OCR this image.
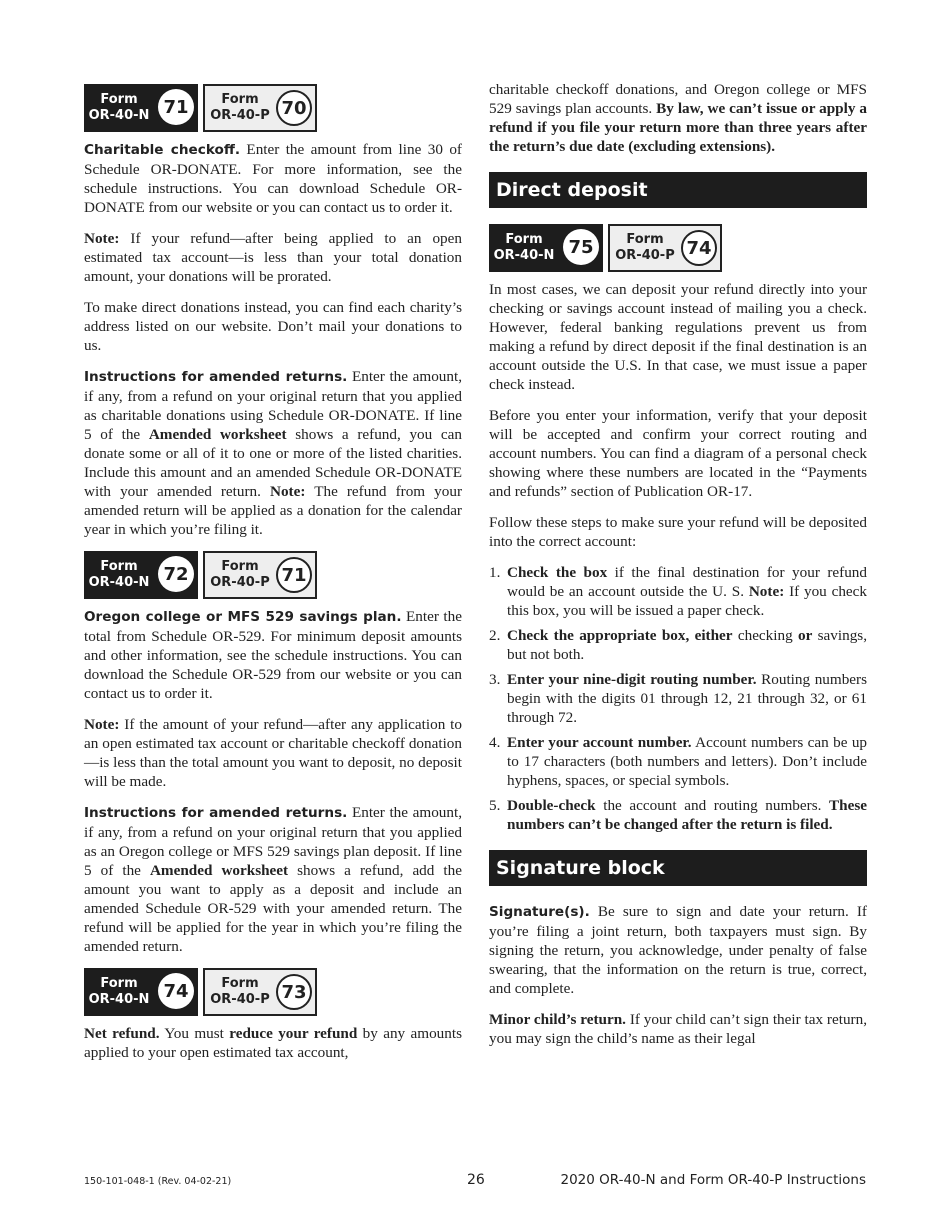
Form
OR-40-N 71	Form
OR-40-P 70

Charitable checkoff. Enter the amount from line 30 of Schedule OR-DONATE. For more information, see the schedule instructions. You can download Schedule OR-DONATE from our website or you can contact us to order it.

Note: If your refund—after being applied to an open estimated tax account—is less than your total donation amount, your donations will be prorated.

To make direct donations instead, you can find each charity’s address listed on our website. Don’t mail your donations to us.

Instructions for amended returns. Enter the amount, if any, from a refund on your original return that you applied as charitable donations using Schedule OR-DONATE. If line 5 of the Amended worksheet shows a refund, you can donate some or all of it to one or more of the listed charities. Include this amount and an amended Schedule OR-DONATE with your amended return. Note: The refund from your amended return will be applied as a donation for the calendar year in which you’re filing it.

Form
OR-40-N 72	Form
OR-40-P 71

Oregon college or MFS 529 savings plan. Enter the total from Schedule OR-529. For minimum deposit amounts and other information, see the schedule instructions. You can download the Schedule OR-529 from our website or you can contact us to order it.

Note: If the amount of your refund—after any application to an open estimated tax account or charitable checkoff donation—is less than the total amount you want to deposit, no deposit will be made.

Instructions for amended returns. Enter the amount, if any, from a refund on your original return that you applied as an Oregon college or MFS 529 savings plan deposit. If line 5 of the Amended worksheet shows a refund, add the amount you want to apply as a deposit and include an amended Schedule OR-529 with your amended return. The refund will be applied for the year in which you’re filing the amended return.

Form
OR-40-N 74	Form
OR-40-P 73

Net refund. You must reduce your refund by any amounts applied to your open estimated tax account,

charitable checkoff donations, and Oregon college or MFS 529 savings plan accounts. By law, we can’t issue or apply a refund if you file your return more than three years after the return’s due date (excluding extensions).

Direct deposit
Form
OR-40-N 75	Form
OR-40-P 74

In most cases, we can deposit your refund directly into your checking or savings account instead of mailing you a check. However, federal banking regulations prevent us from making a refund by direct deposit if the final destination is an account outside the U.S. In that case, we must issue a paper check instead.

Before you enter your information, verify that your deposit will be accepted and confirm your correct routing and account numbers. You can find a diagram of a personal check showing where these numbers are located in the “Payments and refunds” section of Publication OR-17.

Follow these steps to make sure your refund will be deposited into the correct account:

1. Check the box if the final destination for your refund would be an account outside the U. S. Note: If you check this box, you will be issued a paper check.
2. Check the appropriate box, either checking or savings, but not both.
3. Enter your nine-digit routing number. Routing numbers begin with the digits 01 through 12, 21 through 32, or 61 through 72.
4. Enter your account number. Account numbers can be up to 17 characters (both numbers and letters). Don’t include hyphens, spaces, or special symbols.
5. Double-check the account and routing numbers. These numbers can’t be changed after the return is filed.
Signature block

Signature(s). Be sure to sign and date your return. If you’re filing a joint return, both taxpayers must sign. By signing the return, you acknowledge, under penalty of false swearing, that the information on the return is true, correct, and complete.

Minor child’s return. If your child can’t sign their tax return, you may sign the child’s name as their legal

150-101-048-1 (Rev. 04-02-21)	26	2020 OR-40-N and Form OR-40-P Instructions
